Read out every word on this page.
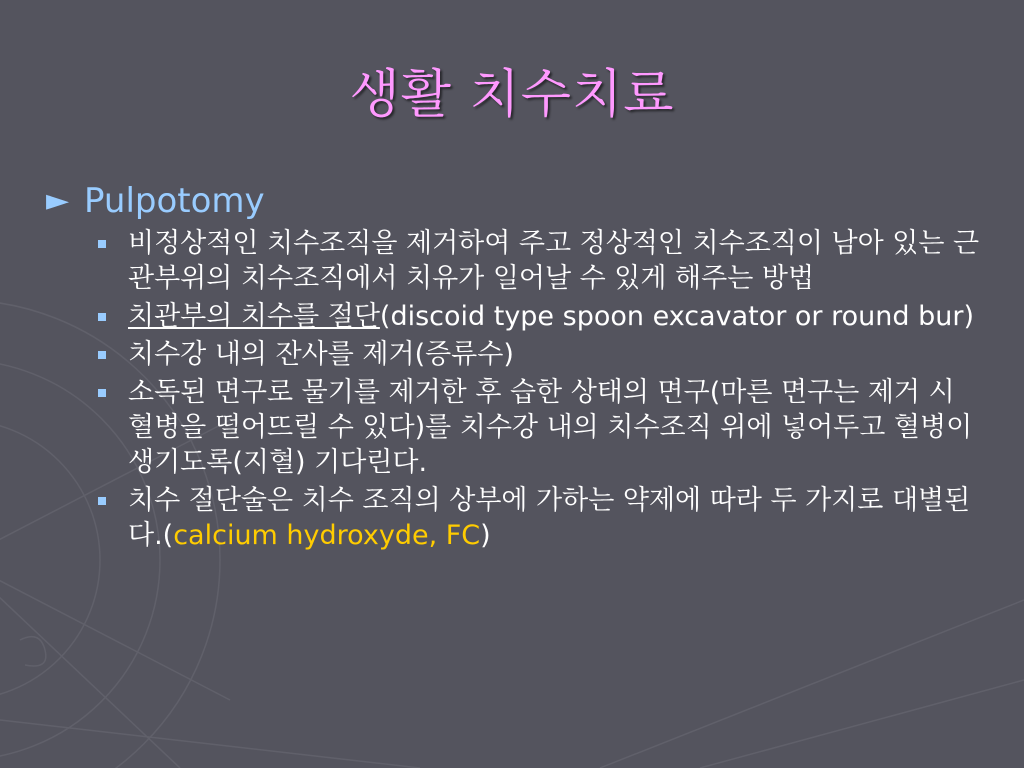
생활 치수치료
► Pulpotomy
비정상적인 치수조직을 제거하여 주고 정상적인 치수조직이 남아 있는 근관부위의 치수조직에서 치유가 일어날 수 있게 해주는 방법
치관부의 치수를 절단(discoid type spoon excavator or round bur)
치수강 내의 잔사를 제거(증류수)
소독된 면구로 물기를 제거한 후 습한 상태의 면구(마른 면구는 제거 시 혈병을 떨어뜨릴 수 있다)를 치수강 내의 치수조직 위에 넣어두고 혈병이 생기도록(지혈) 기다린다.
치수 절단술은 치수 조직의 상부에 가하는 약제에 따라 두 가지로 대별된다.(calcium hydroxyde, FC)
